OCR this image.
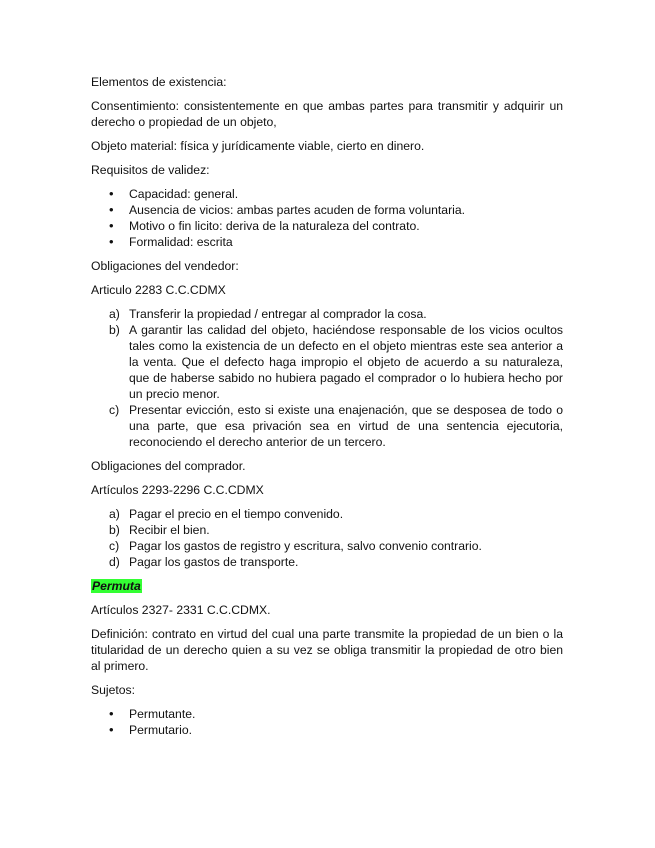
Elementos de existencia:

Consentimiento: consistentemente en que ambas partes para transmitir y adquirir un derecho o propiedad de un objeto,

Objeto material: física y jurídicamente viable, cierto en dinero.

Requisitos de validez:

• Capacidad: general.
• Ausencia de vicios: ambas partes acuden de forma voluntaria.
• Motivo o fin licito: deriva de la naturaleza del contrato.
• Formalidad: escrita

Obligaciones del vendedor:

Articulo 2283 C.C.CDMX

a) Transferir la propiedad / entregar al comprador la cosa.
b) A garantir las calidad del objeto, haciéndose responsable de los vicios ocultos tales como la existencia de un defecto en el objeto mientras este sea anterior a la venta. Que el defecto haga impropio el objeto de acuerdo a su naturaleza, que de haberse sabido no hubiera pagado el comprador o lo hubiera hecho por un precio menor.
c) Presentar evicción, esto si existe una enajenación, que se desposea de todo o una parte, que esa privación sea en virtud de una sentencia ejecutoria, reconociendo el derecho anterior de un tercero.

Obligaciones del comprador.

Artículos 2293-2296 C.C.CDMX

a) Pagar el precio en el tiempo convenido.
b) Recibir el bien.
c) Pagar los gastos de registro y escritura, salvo convenio contrario.
d) Pagar los gastos de transporte.
Permuta

Artículos 2327- 2331 C.C.CDMX.

Definición: contrato en virtud del cual una parte transmite la propiedad de un bien o la titularidad de un derecho quien a su vez se obliga transmitir la propiedad de otro bien al primero.

Sujetos:

• Permutante.
• Permutario.
